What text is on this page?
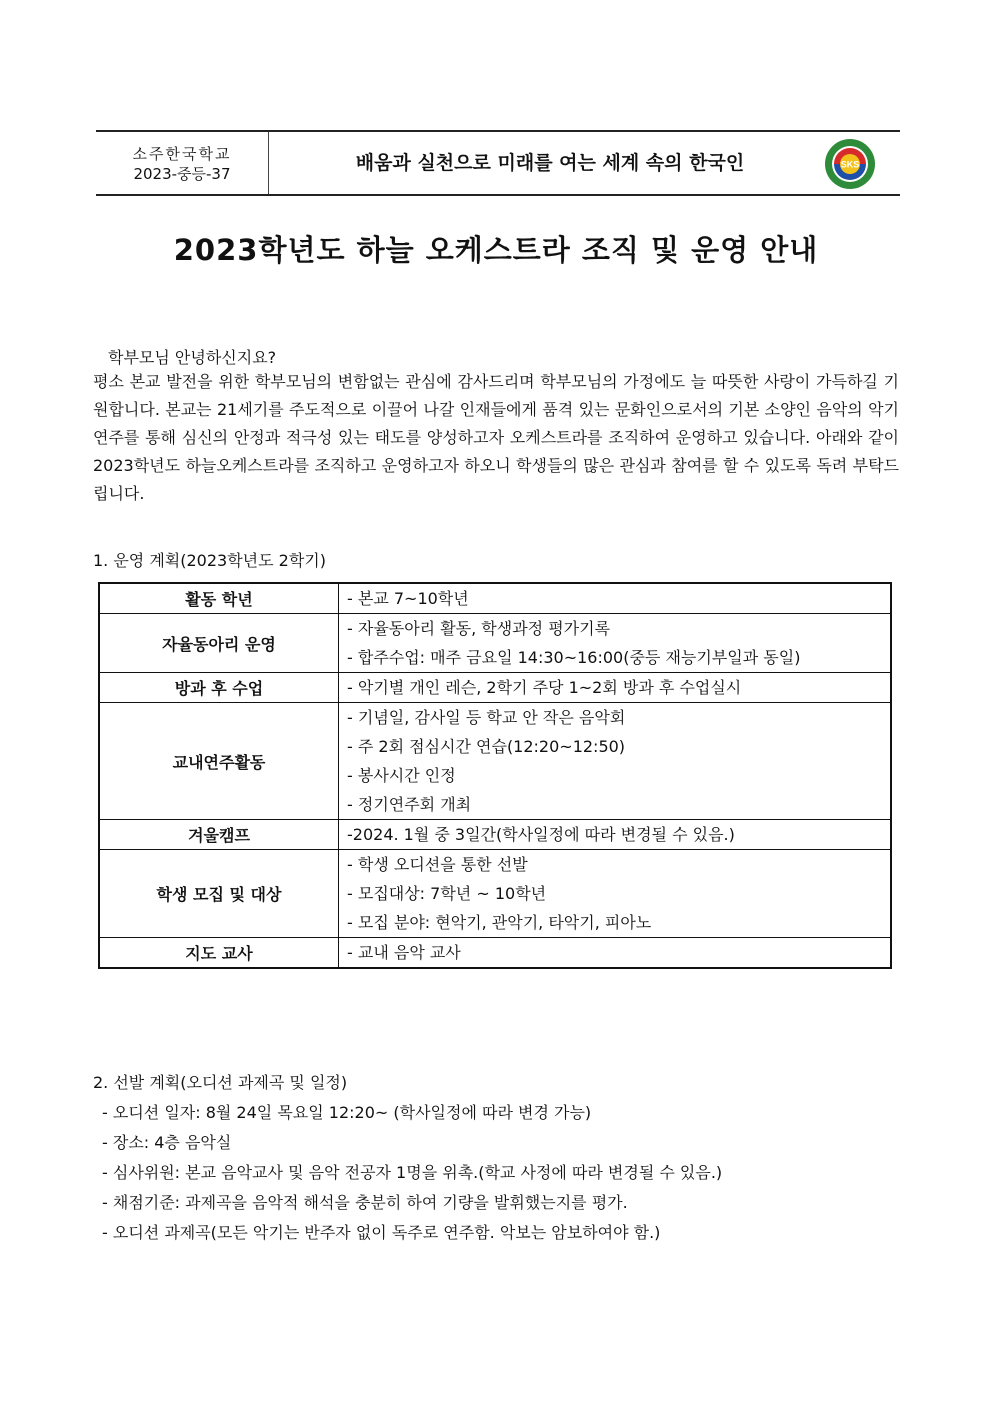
소주한국학교
2023-중등-37	배움과 실천으로 미래를 여는 세계 속의 한국인	SKS
2023학년도 하늘 오케스트라 조직 및 운영 안내
학부모님 안녕하신지요?
평소 본교 발전을 위한 학부모님의 변함없는 관심에 감사드리며 학부모님의 가정에도 늘 따뜻한 사랑이 가득하길 기원합니다. 본교는 21세기를 주도적으로 이끌어 나갈 인재들에게 품격 있는 문화인으로서의 기본 소양인 음악의 악기연주를 통해 심신의 안정과 적극성 있는 태도를 양성하고자 오케스트라를 조직하여 운영하고 있습니다. 아래와 같이 2023학년도 하늘오케스트라를 조직하고 운영하고자 하오니 학생들의 많은 관심과 참여를 할 수 있도록 독려 부탁드립니다.
1. 운영 계획(2023학년도 2학기)
활동 학년	- 본교 7~10학년

자율동아리 운영	- 자율동아리 활동, 학생과정 평가기록
- 합주수업: 매주 금요일 14:30~16:00(중등 재능기부일과 동일)

방과 후 수업	- 악기별 개인 레슨, 2학기 주당 1~2회 방과 후 수업실시

교내연주활동	- 기념일, 감사일 등 학교 안 작은 음악회
- 주 2회 점심시간 연습(12:20~12:50)
- 봉사시간 인정
- 정기연주회 개최

겨울캠프	-2024. 1월 중 3일간(학사일정에 따라 변경될 수 있음.)

학생 모집 및 대상	- 학생 오디션을 통한 선발
- 모집대상: 7학년 ~ 10학년
- 모집 분야: 현악기, 관악기, 타악기, 피아노

지도 교사	- 교내 음악 교사
2. 선발 계획(오디션 과제곡 및 일정)
- 오디션 일자: 8월 24일 목요일 12:20~ (학사일정에 따라 변경 가능)
- 장소: 4층 음악실
- 심사위원: 본교 음악교사 및 음악 전공자 1명을 위촉.(학교 사정에 따라 변경될 수 있음.)
- 채점기준: 과제곡을 음악적 해석을 충분히 하여 기량을 발휘했는지를 평가.
- 오디션 과제곡(모든 악기는 반주자 없이 독주로 연주함. 악보는 암보하여야 함.)
